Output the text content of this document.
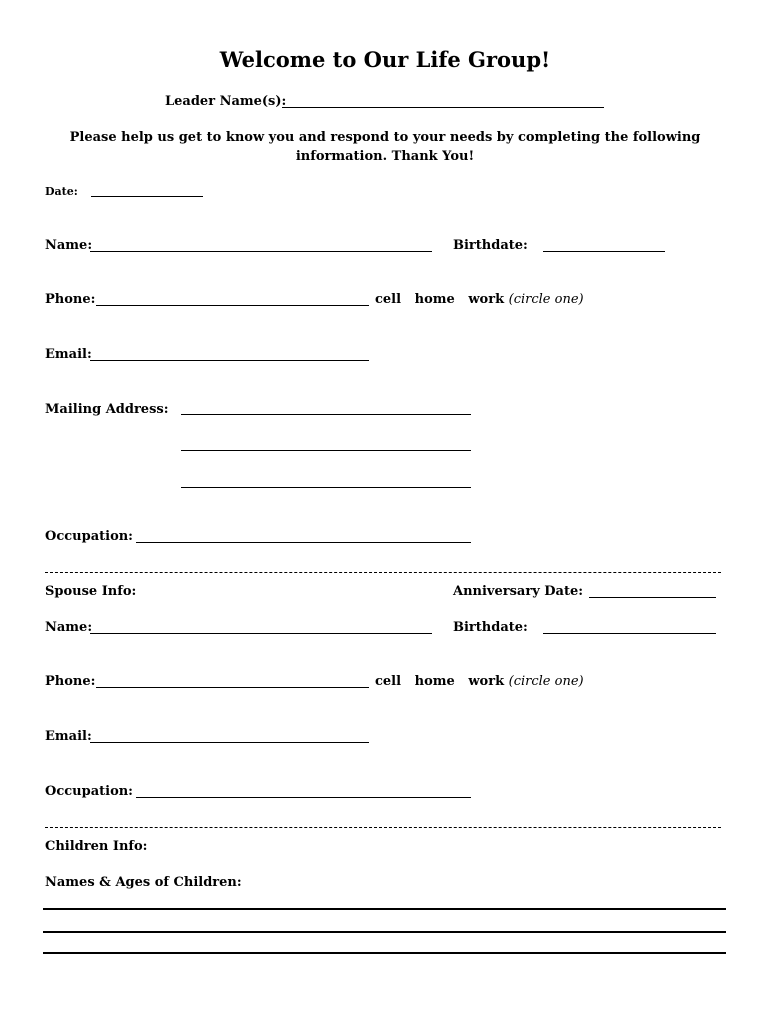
Welcome to Our Life Group!
Leader Name(s):
Please help us get to know you and respond to your needs by completing the following
information. Thank You!
Date:
Name:	Birthdate:
Phone:	cell   home   work (circle one)
Email:
Mailing Address:
Occupation:
Spouse Info:	Anniversary Date:
Name:	Birthdate:
Phone:	cell   home   work (circle one)
Email:
Occupation:
Children Info:
Names & Ages of Children:
